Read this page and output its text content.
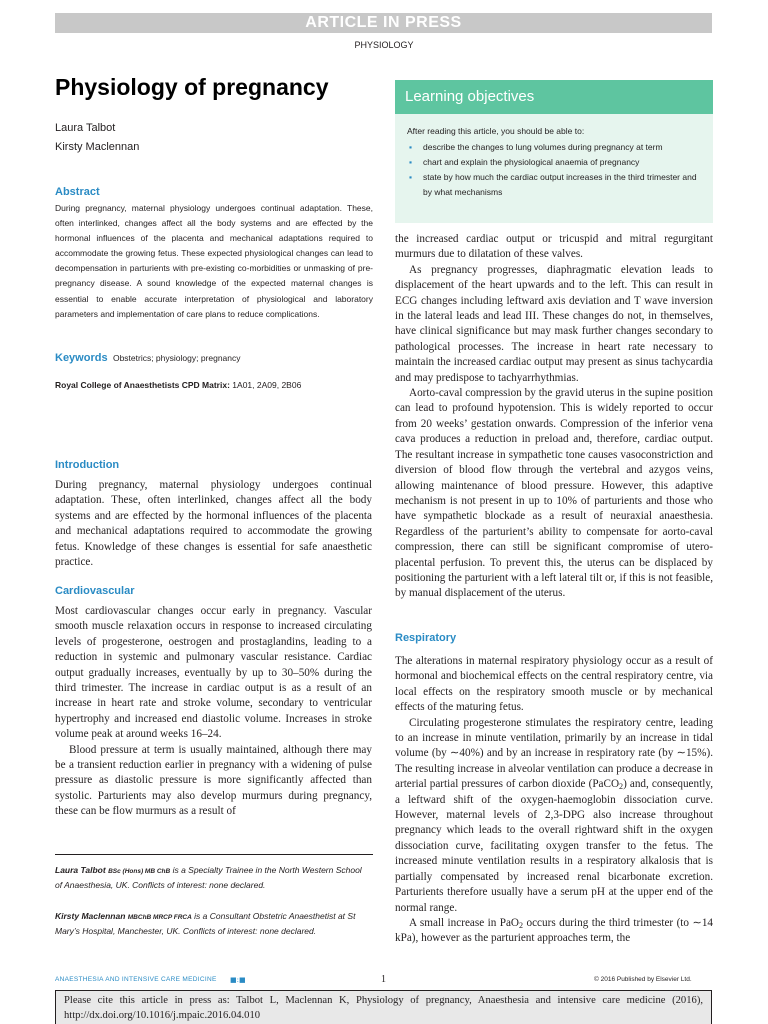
ARTICLE IN PRESS
PHYSIOLOGY
Physiology of pregnancy
Laura Talbot
Kirsty Maclennan
Abstract
During pregnancy, maternal physiology undergoes continual adaptation. These, often interlinked, changes affect all the body systems and are effected by the hormonal influences of the placenta and mechanical adaptations required to accommodate the growing fetus. These expected physiological changes can lead to decompensation in parturients with pre-existing co-morbidities or unmasking of pre-pregnancy disease. A sound knowledge of the expected maternal changes is essential to enable accurate interpretation of physiological and laboratory parameters and implementation of care plans to reduce complications.
Keywords Obstetrics; physiology; pregnancy
Royal College of Anaesthetists CPD Matrix: 1A01, 2A09, 2B06
Learning objectives
After reading this article, you should be able to:
▪ describe the changes to lung volumes during pregnancy at term
▪ chart and explain the physiological anaemia of pregnancy
▪ state by how much the cardiac output increases in the third trimester and by what mechanisms
Introduction

During pregnancy, maternal physiology undergoes continual adaptation. These, often interlinked, changes affect all the body systems and are effected by the hormonal influences of the placenta and mechanical adaptations required to accommodate the growing fetus. Knowledge of these changes is essential for safe anaesthetic practice.

Cardiovascular

Most cardiovascular changes occur early in pregnancy. Vascular smooth muscle relaxation occurs in response to increased circulating levels of progesterone, oestrogen and prostaglandins, leading to a reduction in systemic and pulmonary vascular resistance. Cardiac output gradually increases, eventually by up to 30–50% during the third trimester. The increase in cardiac output is as a result of an increase in heart rate and stroke volume, secondary to ventricular hypertrophy and increased end diastolic volume. Increases in stroke volume peak at around weeks 16–24.

Blood pressure at term is usually maintained, although there may be a transient reduction earlier in pregnancy with a widening of pulse pressure as diastolic pressure is more significantly affected than systolic. Parturients may also develop murmurs during pregnancy, these can be flow murmurs as a result of

Laura Talbot BSc (Hons) MB ChB is a Specialty Trainee in the North Western School of Anaesthesia, UK. Conflicts of interest: none declared.
Kirsty Maclennan MBChB MRCP FRCA is a Consultant Obstetric Anaesthetist at St Mary’s Hospital, Manchester, UK. Conflicts of interest: none declared.

the increased cardiac output or tricuspid and mitral regurgitant murmurs due to dilatation of these valves.

As pregnancy progresses, diaphragmatic elevation leads to displacement of the heart upwards and to the left. This can result in ECG changes including leftward axis deviation and T wave inversion in the lateral leads and lead III. These changes do not, in themselves, have clinical significance but may mask further changes secondary to pathological processes. The increase in heart rate necessary to maintain the increased cardiac output may present as sinus tachycardia and may predispose to tachyarrhythmias.

Aorto-caval compression by the gravid uterus in the supine position can lead to profound hypotension. This is widely reported to occur from 20 weeks’ gestation onwards. Compression of the inferior vena cava produces a reduction in preload and, therefore, cardiac output. The resultant increase in sympathetic tone causes vasoconstriction and diversion of blood flow through the vertebral and azygos veins, allowing maintenance of blood pressure. However, this adaptive mechanism is not present in up to 10% of parturients and those who have sympathetic blockade as a result of neuraxial anaesthesia. Regardless of the parturient’s ability to compensate for aorto-caval compression, there can still be significant compromise of utero-placental perfusion. To prevent this, the uterus can be displaced by positioning the parturient with a left lateral tilt or, if this is not feasible, by manual displacement of the uterus.

Respiratory

The alterations in maternal respiratory physiology occur as a result of hormonal and biochemical effects on the central respiratory centre, via local effects on the respiratory smooth muscle or by mechanical effects of the maturing fetus.

Circulating progesterone stimulates the respiratory centre, leading to an increase in minute ventilation, primarily by an increase in tidal volume (by ∼40%) and by an increase in respiratory rate (by ∼15%). The resulting increase in alveolar ventilation can produce a decrease in arterial partial pressures of carbon dioxide (PaCO$_2$) and, consequently, a leftward shift of the oxygen-haemoglobin dissociation curve. However, maternal levels of 2,3-DPG also increase throughout pregnancy which leads to the overall rightward shift in the oxygen dissociation curve, facilitating oxygen transfer to the fetus. The increased minute ventilation results in a respiratory alkalosis that is partially compensated by increased renal bicarbonate excretion. Parturients therefore usually have a serum pH at the upper end of the normal range.

A small increase in PaO$_2$ occurs during the third trimester (to ∼14 kPa), however as the parturient approaches term, the

ANAESTHESIA AND INTENSIVE CARE MEDICINE ■:■	1	© 2016 Published by Elsevier Ltd.
Please cite this article in press as: Talbot L, Maclennan K, Physiology of pregnancy, Anaesthesia and intensive care medicine (2016), http://dx.doi.org/10.1016/j.mpaic.2016.04.010
